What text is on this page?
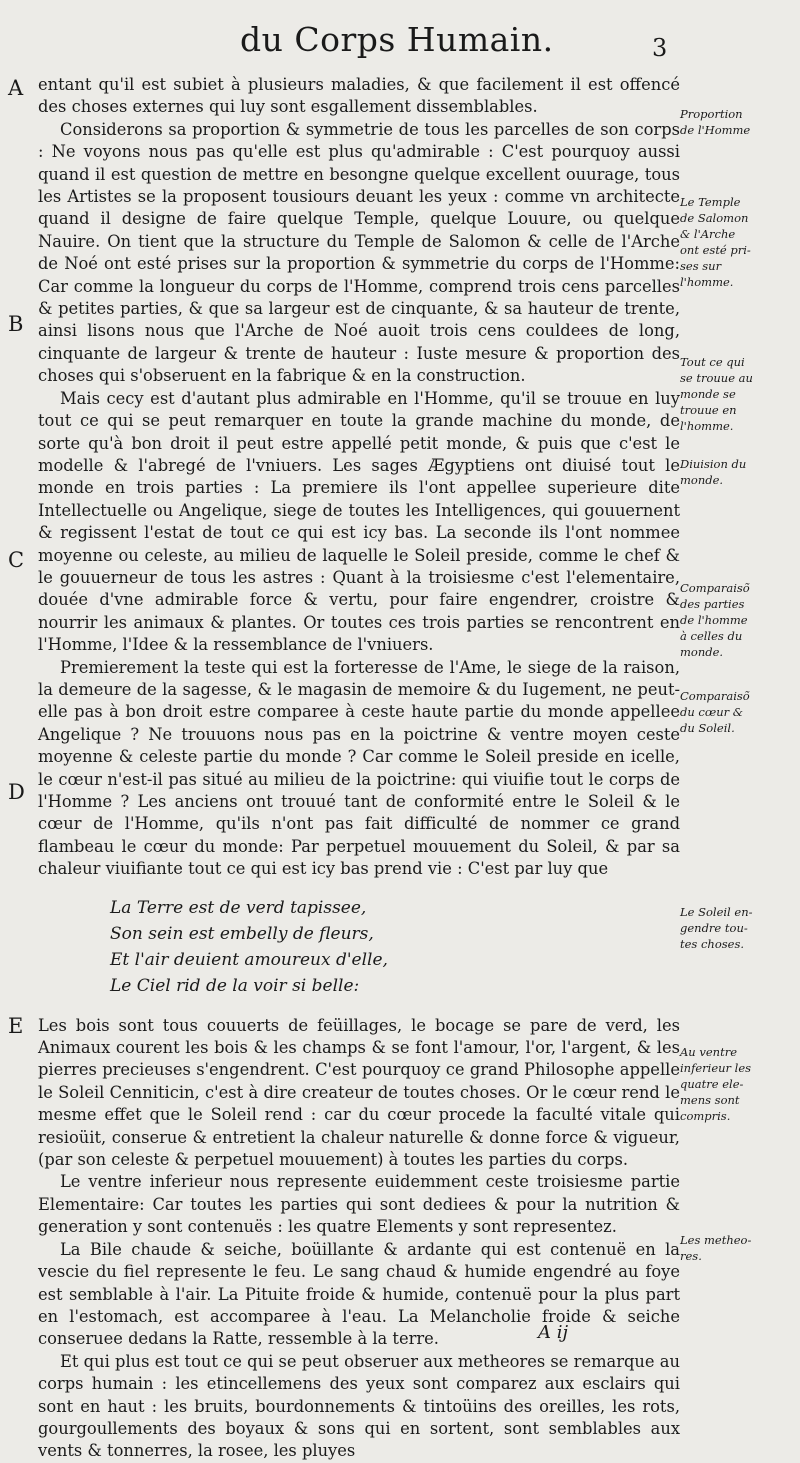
du Corps Humain.	3
A
B
C
D
E

entant qu'il est subiet à plusieurs maladies, & que facilement il est offencé des choses externes qui luy sont esgallement dissemblables.

Considerons sa proportion & symmetrie de tous les parcelles de son corps : Ne voyons nous pas qu'elle est plus qu'admirable : C'est pourquoy aussi quand il est question de mettre en besongne quelque excellent ouurage, tous les Artistes se la proposent tousiours deuant les yeux : comme vn architecte quand il designe de faire quelque Temple, quelque Louure, ou quelque Nauire. On tient que la structure du Temple de Salomon & celle de l'Arche de Noé ont esté prises sur la proportion & symmetrie du corps de l'Homme: Car comme la longueur du corps de l'Homme, comprend trois cens parcelles & petites parties, & que sa largeur est de cinquante, & sa hauteur de trente, ainsi lisons nous que l'Arche de Noé auoit trois cens couldees de long, cinquante de largeur & trente de hauteur : Iuste mesure & proportion des choses qui s'obseruent en la fabrique & en la construction.

Mais cecy est d'autant plus admirable en l'Homme, qu'il se trouue en luy tout ce qui se peut remarquer en toute la grande machine du monde, de sorte qu'à bon droit il peut estre appellé petit monde, & puis que c'est le modelle & l'abregé de l'vniuers. Les sages Ægyptiens ont diuisé tout le monde en trois parties : La premiere ils l'ont appellee superieure dite Intellectuelle ou Angelique, siege de toutes les Intelligences, qui gouuernent & regissent l'estat de tout ce qui est icy bas. La seconde ils l'ont nommee moyenne ou celeste, au milieu de laquelle le Soleil preside, comme le chef & le gouuerneur de tous les astres : Quant à la troisiesme c'est l'elementaire, douée d'vne admirable force & vertu, pour faire engendrer, croistre & nourrir les animaux & plantes. Or toutes ces trois parties se rencontrent en l'Homme, l'Idee & la ressemblance de l'vniuers.

Premierement la teste qui est la forteresse de l'Ame, le siege de la raison, la demeure de la sagesse, & le magasin de memoire & du Iugement, ne peut-elle pas à bon droit estre comparee à ceste haute partie du monde appellee Angelique ? Ne trouuons nous pas en la poictrine & ventre moyen ceste moyenne & celeste partie du monde ? Car comme le Soleil preside en icelle, le cœur n'est-il pas situé au milieu de la poictrine: qui viuifie tout le corps de l'Homme ? Les anciens ont trouué tant de conformité entre le Soleil & le cœur de l'Homme, qu'ils n'ont pas fait difficulté de nommer ce grand flambeau le cœur du monde: Par perpetuel mouuement du Soleil, & par sa chaleur viuifiante tout ce qui est icy bas prend vie : C'est par luy que

La Terre est de verd tapissee,
Son sein est embelly de fleurs,
Et l'air deuient amoureux d'elle,
Le Ciel rid de la voir si belle:

Les bois sont tous couuerts de feüillages, le bocage se pare de verd, les Animaux courent les bois & les champs & se font l'amour, l'or, l'argent, & les pierres precieuses s'engendrent. C'est pourquoy ce grand Philosophe appelle le Soleil Cenniticin, c'est à dire createur de toutes choses. Or le cœur rend le mesme effet que le Soleil rend : car du cœur procede la faculté vitale qui resioüit, conserue & entretient la chaleur naturelle & donne force & vigueur, (par son celeste & perpetuel mouuement) à toutes les parties du corps.

Le ventre inferieur nous represente euidemment ceste troisiesme partie Elementaire: Car toutes les parties qui sont dediees & pour la nutrition & generation y sont contenuës : les quatre Elements y sont representez.

La Bile chaude & seiche, boüillante & ardante qui est contenuë en la vescie du fiel represente le feu. Le sang chaud & humide engendré au foye est semblable à l'air. La Pituite froide & humide, contenuë pour la plus part en l'estomach, est accomparee à l'eau. La Melancholie froide & seiche conseruee dedans la Ratte, ressemble à la terre.

Et qui plus est tout ce qui se peut obseruer aux metheores se remarque au corps humain : les etincellemens des yeux sont comparez aux esclairs qui sont en haut : les bruits, bourdonnements & tintoüins des oreilles, les rots, gourgoullements des boyaux & sons qui en sortent, sont semblables aux vents & tonnerres, la rosee, les pluyes

Proportion
de l'Homme
Le Temple
de Salomon
& l'Arche
ont esté pri-
ses sur
l'homme.
Tout ce qui
se trouue au
monde se
trouue en
l'homme.
Diuision du
monde.
Comparaisõ
des parties
de l'homme
à celles du
monde.
Comparaisõ
du cœur &
du Soleil.
Le Soleil en-
gendre tou-
tes choses.
Au ventre
inferieur les
quatre ele-
mens sont
compris.
Les metheo-
res.
A ij
